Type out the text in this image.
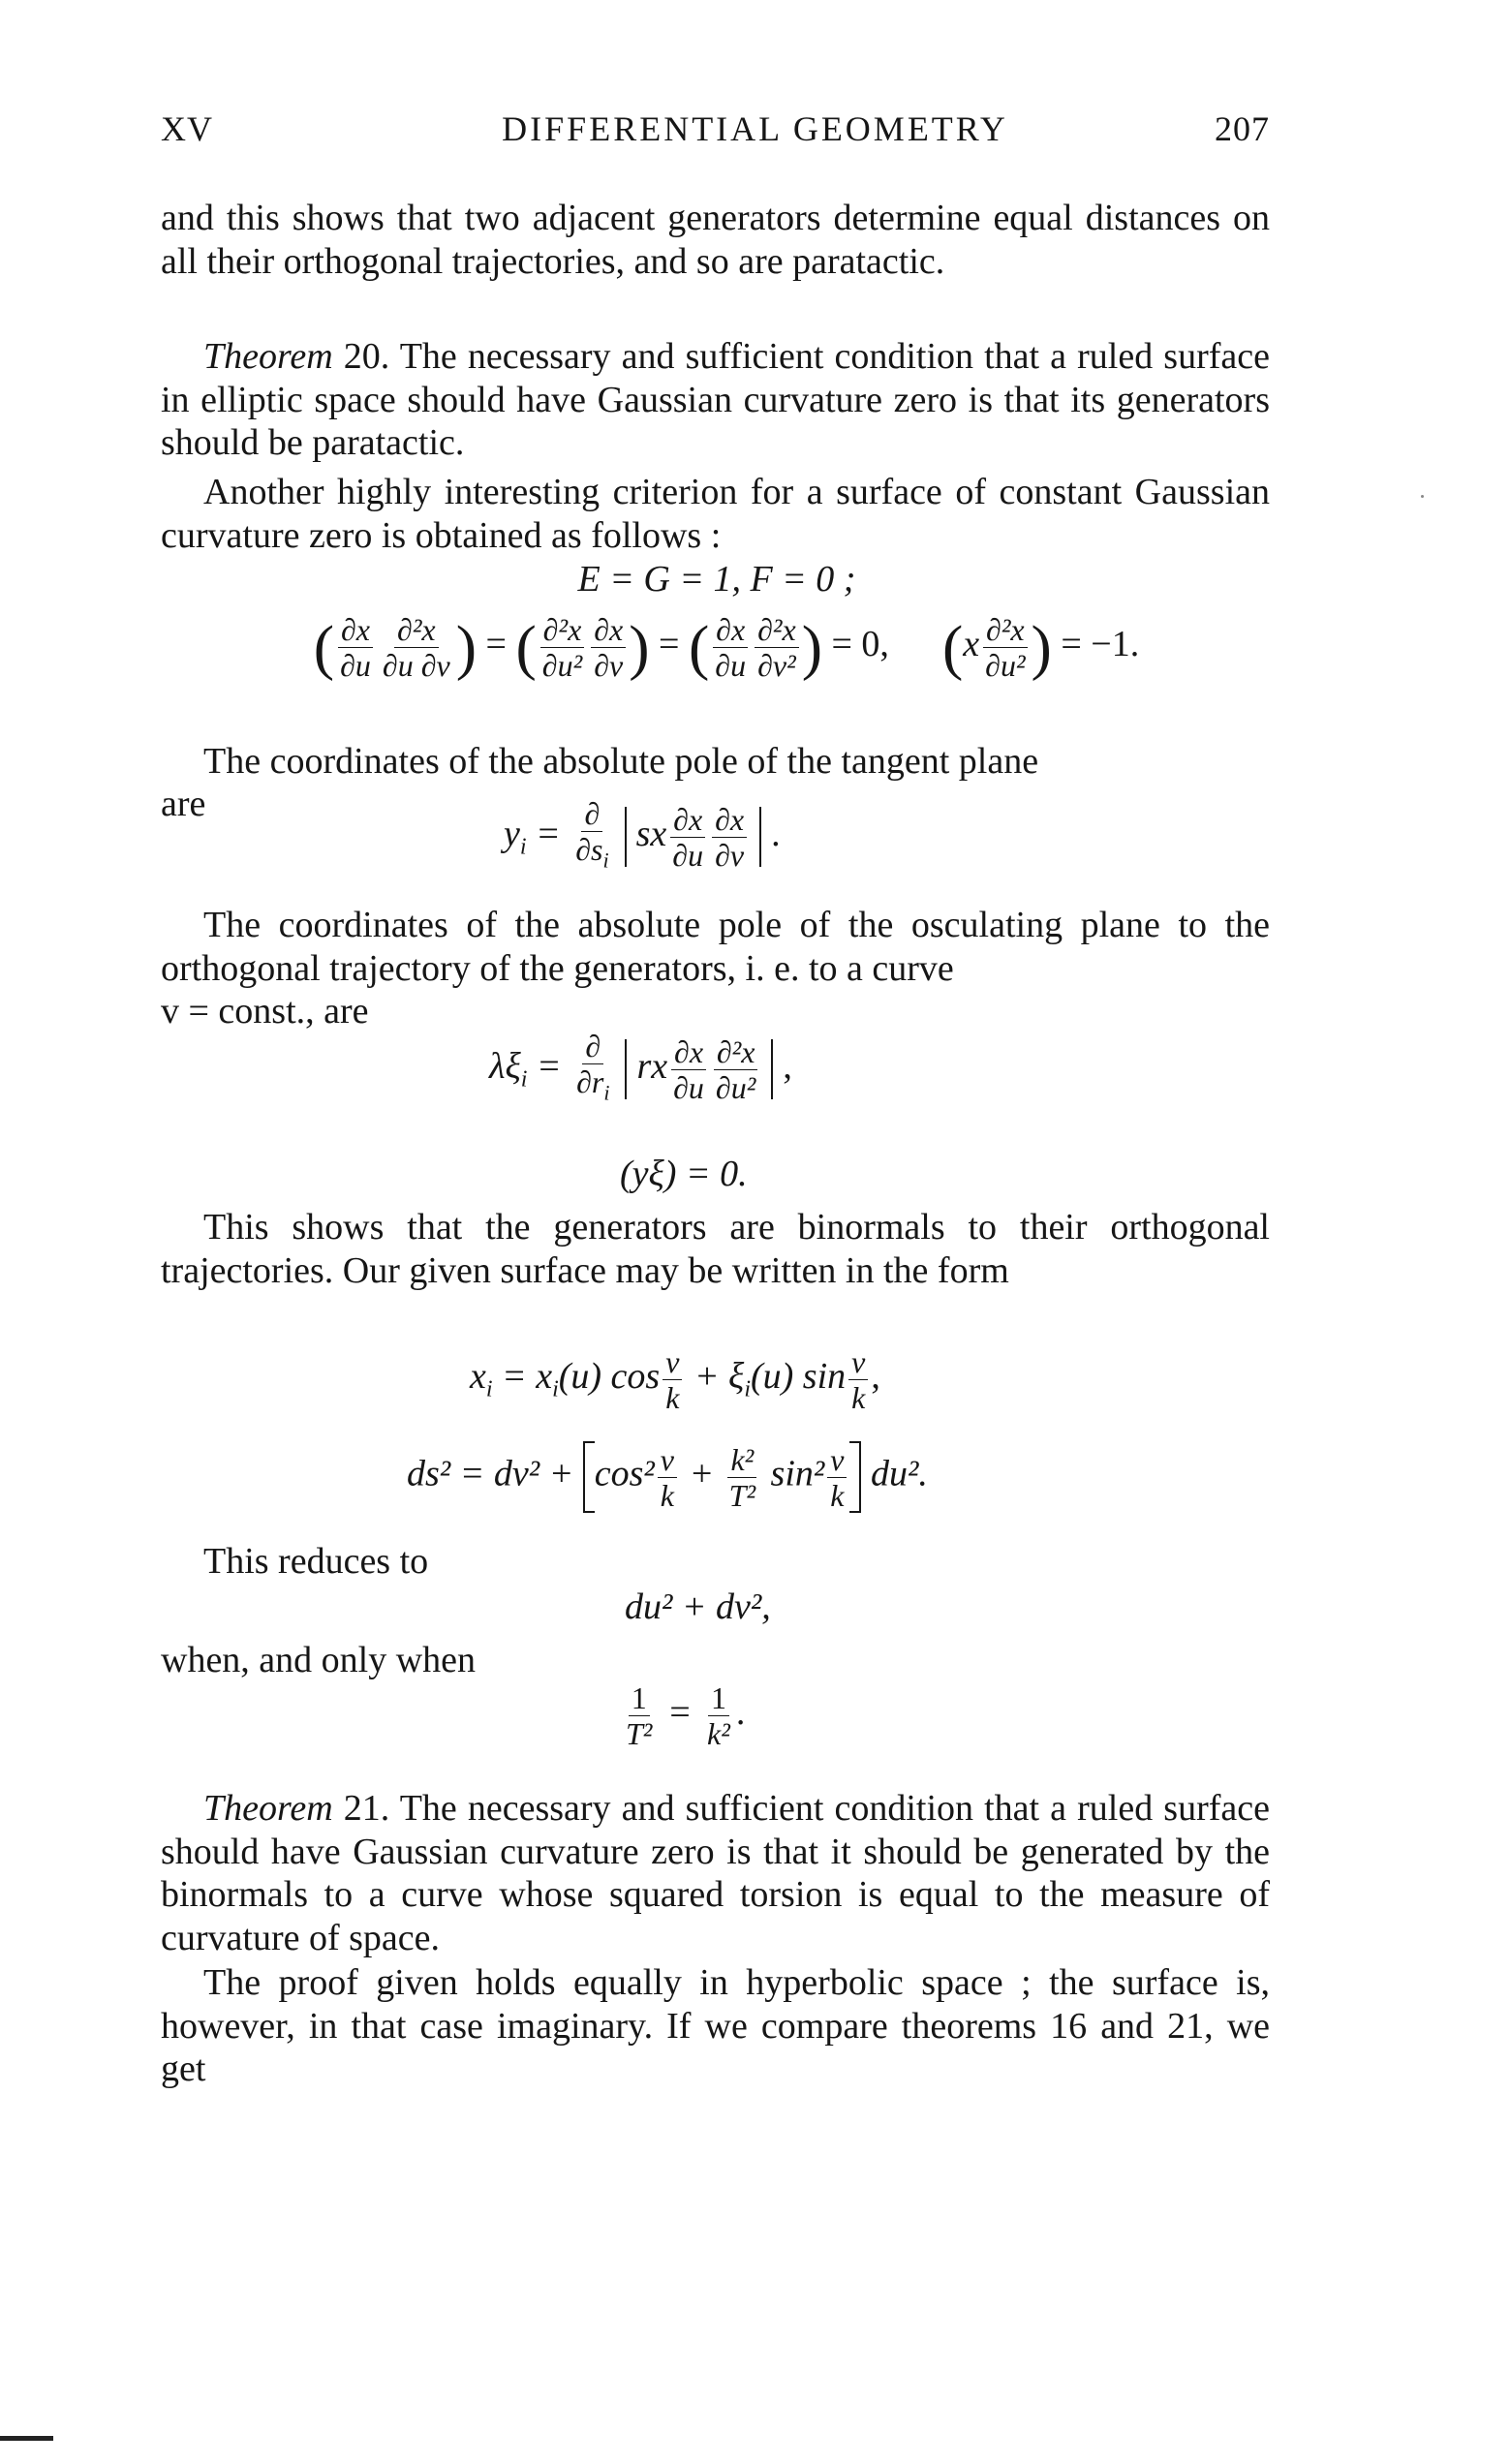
XV	DIFFERENTIAL GEOMETRY	207

and this shows that two adjacent generators determine equal distances on all their orthogonal trajectories, and so are paratactic.

Theorem 20. The necessary and sufficient condition that a ruled surface in elliptic space should have Gaussian curvature zero is that its generators should be paratactic.

Another highly interesting criterion for a surface of constant Gaussian curvature zero is obtained as follows :

E = G = 1, F = 0 ;
( $\frac{\partial x}{\partial u} \frac{\text{∂²x}}{\partial u \partial v}$ ) = ( $\frac{\text{∂²x}}{\text{∂u²}} \frac{\partial x}{\partial v}$ ) = ( $\frac{\partial x}{\partial u} \frac{\text{∂²x}}{\text{∂v²}}$ ) = 0, ($x \frac{\text{∂²x}}{\text{∂u²}}$ ) = −1.
The coordinates of the absolute pole of the tangent plane
are
$y_i = \frac{\partial}{\partial s_i}$ sx $\frac{\partial x}{\partial u} \frac{\partial x}{\partial v}$ .

The coordinates of the absolute pole of the osculating plane to the orthogonal trajectory of the generators, i. e. to a curve

v = const., are
$\lambda\xi_i = \frac{\partial}{\partial r_i}$ rx $\frac{\partial x}{\partial u} \frac{\text{∂²x}}{\text{∂u²}}$ ,
(yξ) = 0.

This shows that the generators are binormals to their orthogonal trajectories. Our given surface may be written in the form

$x_i = x_i(u)$ $\cos \frac{v}{k} + \xi_i(u)$ $\sin \frac{v}{k}$ ,
$ds^2 = dv^2 + \cos^2 \frac{v}{k} + \frac{\text{k²}}{\text{T²}} \sin^2 \frac{v}{k} du^2$.
This reduces to
du² + dv²,
when, and only when
$\frac{1}{\text{T²}} = \frac{1}{\text{k²}}$ .

Theorem 21. The necessary and sufficient condition that a ruled surface should have Gaussian curvature zero is that it should be generated by the binormals to a curve whose squared torsion is equal to the measure of curvature of space.

The proof given holds equally in hyperbolic space ; the surface is, however, in that case imaginary. If we compare theorems 16 and 21, we get
